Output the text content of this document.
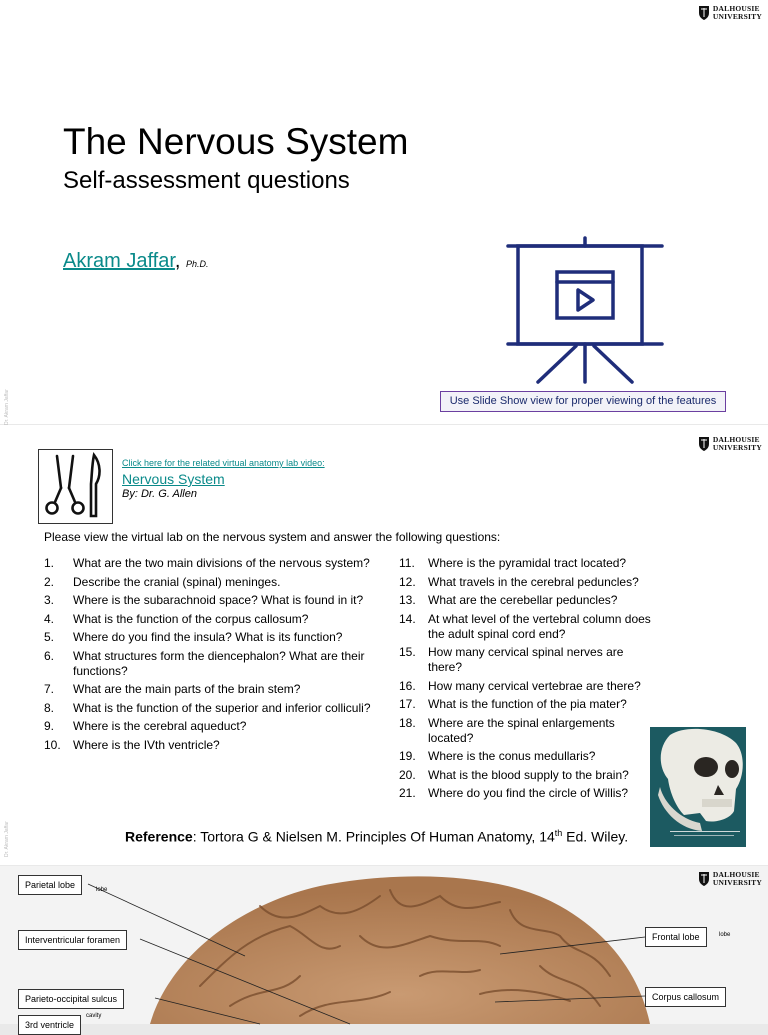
DALHOUSIE
UNIVERSITY
The Nervous System
Self-assessment questions
Akram Jaffar, Ph.D.
Dr. Akram Jaffar	Use Slide Show view for proper viewing of the features
DALHOUSIE
UNIVERSITY
Click here for the related virtual anatomy lab video:
Nervous System
By: Dr. G. Allen
Please view the virtual lab on the nervous system and answer the following questions:
1.	What are the two main divisions of the nervous system?
2.	Describe the cranial (spinal) meninges.
3.	Where is the subarachnoid space? What is found in it?
4.	What is the function of the corpus callosum?
5.	Where do you find the insula? What is its function?
6.	What structures form the diencephalon? What are their functions?
7.	What are the main parts of the brain stem?
8.	What is the function of the superior and inferior colliculi?
9.	Where is the cerebral aqueduct?
10.	Where is the IVth ventricle?
11.	Where is the pyramidal tract located?
12.	What travels in the cerebral peduncles?
13.	What are the cerebellar peduncles?
14.	At what level of the vertebral column does the adult spinal cord end?
15.	How many cervical spinal nerves are there?
16.	How many cervical vertebrae are there?
17.	What is the function of the pia mater?
18.	Where are the spinal enlargements located?
19.	Where is the conus medullaris?
20.	What is the blood supply to the brain?
21.	Where do you find the circle of Willis?
Reference: Tortora G & Nielsen M. Principles Of Human Anatomy, 14th Ed. Wiley.
Dr. Akram Jaffar
DALHOUSIE
UNIVERSITY
Parietal lobe	lobe
Interventricular foramen
Parieto-occipital sulcus
3rd ventricle
cavity
Frontal lobe	lobe
Corpus callosum
